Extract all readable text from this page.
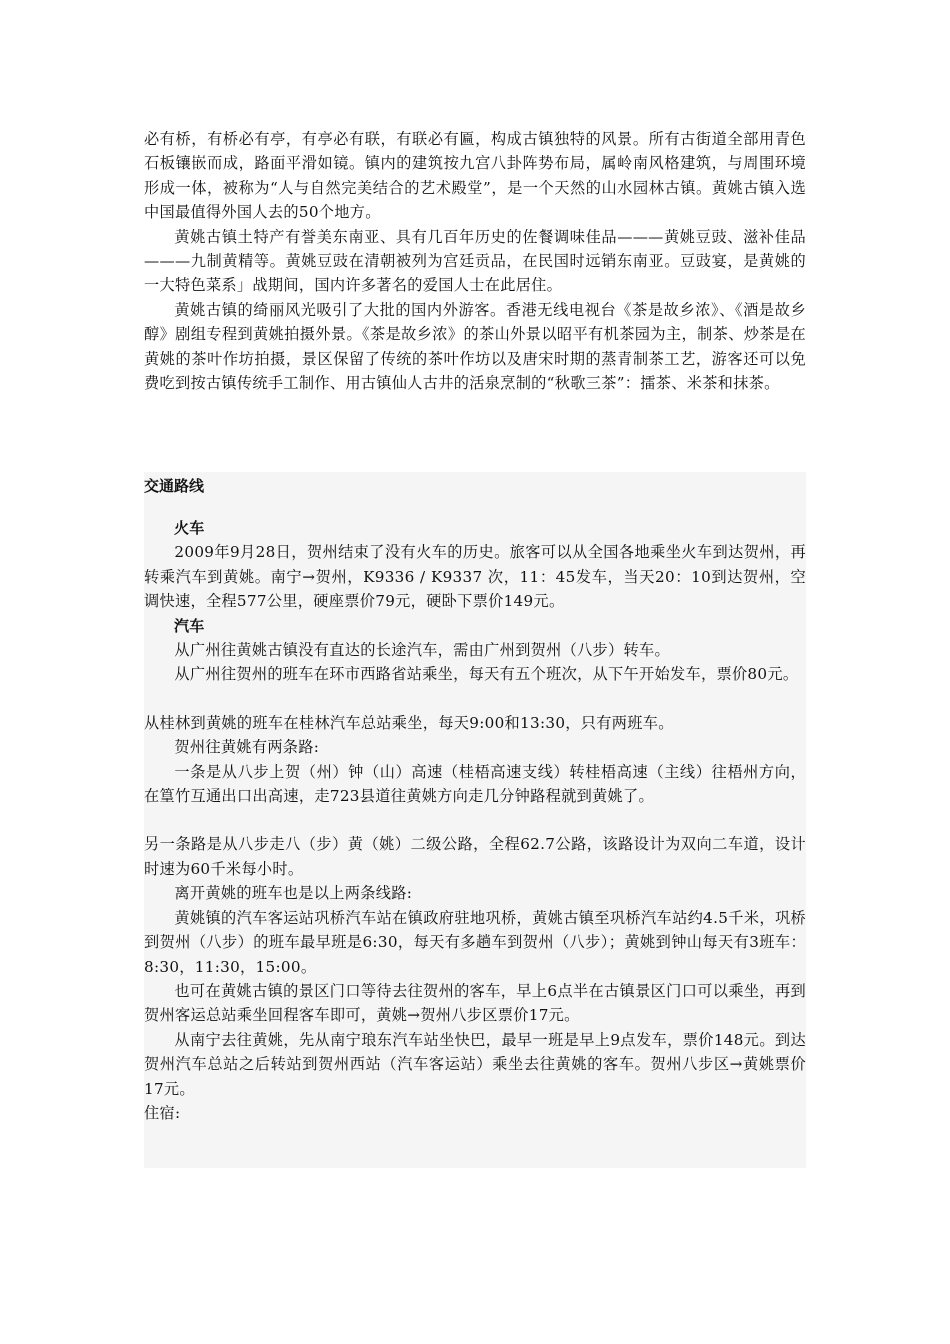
必有桥，有桥必有亭，有亭必有联，有联必有匾，构成古镇独特的风景。所有古街道全部用青色石板镶嵌而成，路面平滑如镜。镇内的建筑按九宫八卦阵势布局，属岭南风格建筑，与周围环境形成一体，被称为“人与自然完美结合的艺术殿堂”，是一个天然的山水园林古镇。黄姚古镇入选中国最值得外国人去的50个地方。

黄姚古镇土特产有誉美东南亚、具有几百年历史的佐餐调味佳品———黄姚豆豉、滋补佳品———九制黄精等。黄姚豆豉在清朝被列为宫廷贡品，在民国时远销东南亚。豆豉宴，是黄姚的一大特色菜系」战期间，国内许多著名的爱国人士在此居住。

黄姚古镇的绮丽风光吸引了大批的国内外游客。香港无线电视台《茶是故乡浓》、《酒是故乡醇》剧组专程到黄姚拍摄外景。《茶是故乡浓》的茶山外景以昭平有机茶园为主，制茶、炒茶是在黄姚的茶叶作坊拍摄，景区保留了传统的茶叶作坊以及唐宋时期的蒸青制茶工艺，游客还可以免费吃到按古镇传统手工制作、用古镇仙人古井的活泉烹制的“秋歌三茶”：擂茶、米茶和抹茶。

交通路线

火车

2009年9月28日，贺州结束了没有火车的历史。旅客可以从全国各地乘坐火车到达贺州，再转乘汽车到黄姚。南宁→贺州，K9336 / K9337 次，11：45发车，当天20：10到达贺州，空调快速，全程577公里，硬座票价79元，硬卧下票价149元。

汽车

从广州往黄姚古镇没有直达的长途汽车，需由广州到贺州（八步）转车。

从广州往贺州的班车在环市西路省站乘坐，每天有五个班次，从下午开始发车，票价80元。

从桂林到黄姚的班车在桂林汽车总站乘坐，每天9:00和13:30，只有两班车。

贺州往黄姚有两条路:

一条是从八步上贺（州）钟（山）高速（桂梧高速支线）转桂梧高速（主线）往梧州方向，在篁竹互通出口出高速，走723县道往黄姚方向走几分钟路程就到黄姚了。

另一条路是从八步走八（步）黄（姚）二级公路，全程62.7公路，该路设计为双向二车道，设计时速为60千米每小时。

离开黄姚的班车也是以上两条线路:

黄姚镇的汽车客运站巩桥汽车站在镇政府驻地巩桥，黄姚古镇至巩桥汽车站约4.5千米，巩桥到贺州（八步）的班车最早班是6:30，每天有多趟车到贺州（八步）；黄姚到钟山每天有3班车：8:30，11:30，15:00。

也可在黄姚古镇的景区门口等待去往贺州的客车，早上6点半在古镇景区门口可以乘坐，再到贺州客运总站乘坐回程客车即可，黄姚→贺州八步区票价17元。

从南宁去往黄姚，先从南宁琅东汽车站坐快巴，最早一班是早上9点发车，票价148元。到达贺州汽车总站之后转站到贺州西站（汽车客运站）乘坐去往黄姚的客车。贺州八步区→黄姚票价17元。

住宿:
